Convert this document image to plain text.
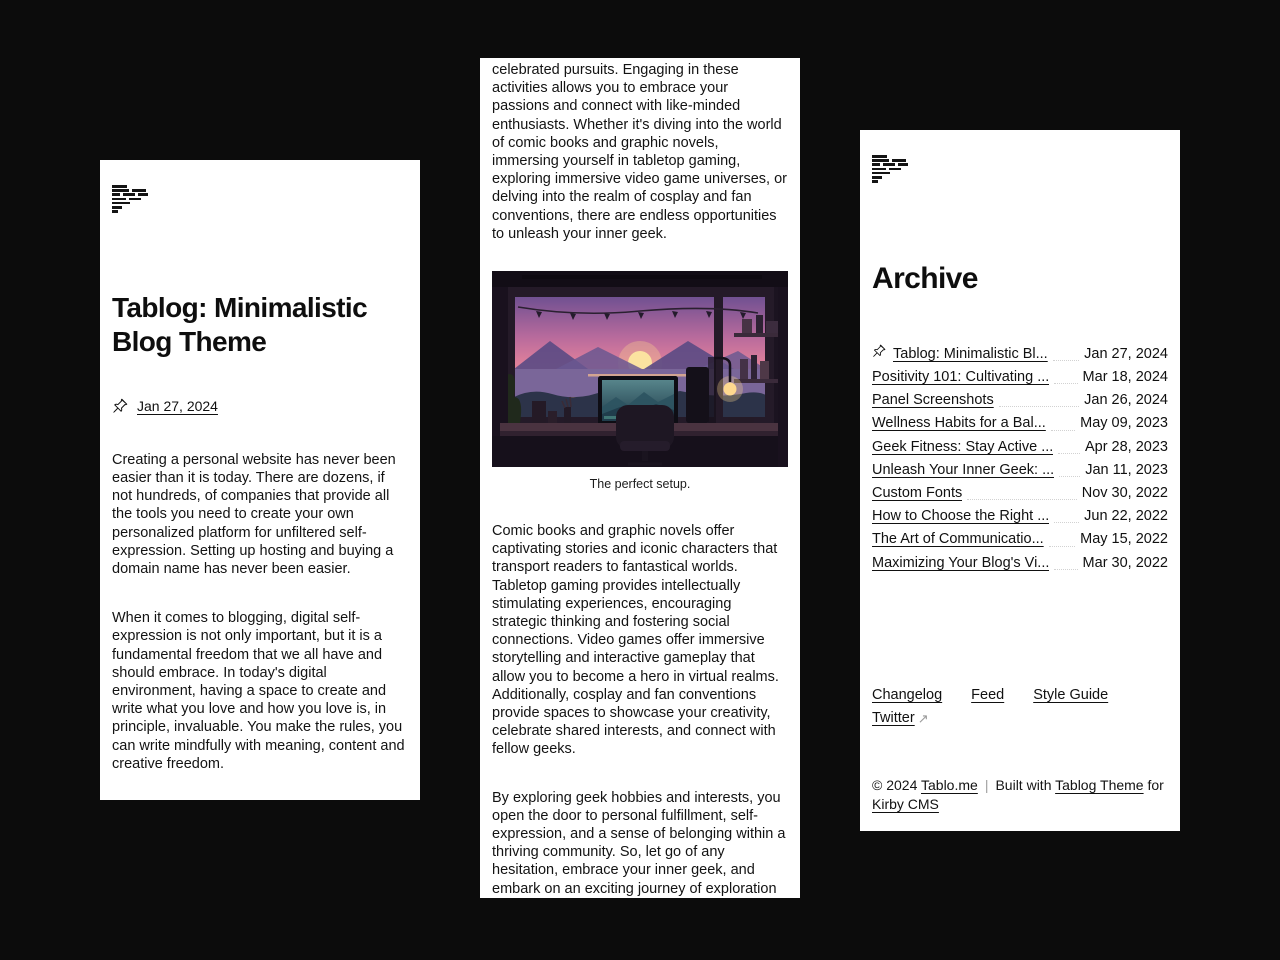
Tablog: Minimalistic Blog Theme
Jan 27, 2024

Creating a personal website has never been easier than it is today. There are dozens, if not hundreds, of companies that provide all the tools you need to create your own personalized platform for unfiltered self-expression. Setting up hosting and buying a domain name has never been easier.

When it comes to blogging, digital self-expression is not only important, but it is a fundamental freedom that we all have and should embrace. In today's digital environment, having a space to create and write what you love and how you love is, in principle, invaluable. You make the rules, you can write mindfully with meaning, content and creative freedom.

celebrated pursuits. Engaging in these activities allows you to embrace your passions and connect with like-minded enthusiasts. Whether it's diving into the world of comic books and graphic novels, immersing yourself in tabletop gaming, exploring immersive video game universes, or delving into the realm of cosplay and fan conventions, there are endless opportunities to unleash your inner geek.

The perfect setup.

Comic books and graphic novels offer captivating stories and iconic characters that transport readers to fantastical worlds. Tabletop gaming provides intellectually stimulating experiences, encouraging strategic thinking and fostering social connections. Video games offer immersive storytelling and interactive gameplay that allow you to become a hero in virtual realms. Additionally, cosplay and fan conventions provide spaces to showcase your creativity, celebrate shared interests, and connect with fellow geeks.

By exploring geek hobbies and interests, you open the door to personal fulfillment, self-expression, and a sense of belonging within a thriving community. So, let go of any hesitation, embrace your inner geek, and embark on an exciting journey of exploration

Archive
Tablog: Minimalistic Bl...	Jan 27, 2024
Positivity 101: Cultivating ... Mar 18, 2024
Panel Screenshots	Jan 26, 2024
Wellness Habits for a Bal... May 09, 2023
Geek Fitness: Stay Active ... Apr 28, 2023
Unleash Your Inner Geek: ... Jan 11, 2023
Custom Fonts	Nov 30, 2022
How to Choose the Right ... Jun 22, 2022
The Art of Communicatio...	May 15, 2022
Maximizing Your Blog's Vi... Mar 30, 2022
Changelog Feed Style Guide
Twitter ↗

© 2024 Tablo.me | Built with Tablog Theme for Kirby CMS
